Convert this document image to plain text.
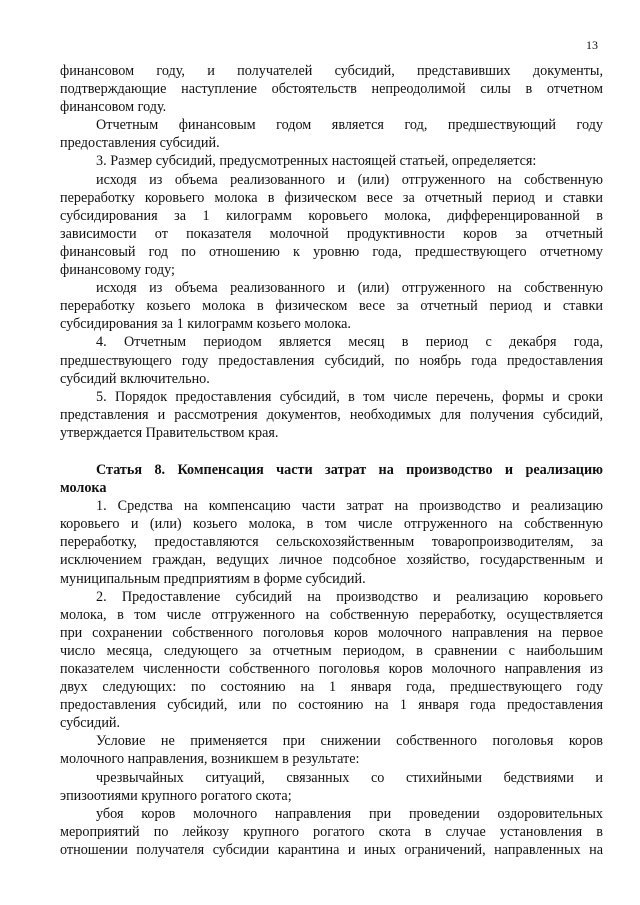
13
финансовом году, и получателей субсидий, представивших документы,
подтверждающие наступление обстоятельств непреодолимой силы в отчетном
финансовом году.
Отчетным финансовым годом является год, предшествующий году
предоставления субсидий.
3. Размер субсидий, предусмотренных настоящей статьей, определяется:
исходя из объема реализованного и (или) отгруженного на собственную
переработку коровьего молока в физическом весе за отчетный период и ставки
субсидирования за 1 килограмм коровьего молока, дифференцированной в
зависимости от показателя молочной продуктивности коров за отчетный
финансовый год по отношению к уровню года, предшествующего отчетному
финансовому году;
исходя из объема реализованного и (или) отгруженного на собственную
переработку козьего молока в физическом весе за отчетный период и ставки
субсидирования за 1 килограмм козьего молока.
4. Отчетным периодом является месяц в период с декабря года,
предшествующего году предоставления субсидий, по ноябрь года предоставления
субсидий включительно.
5. Порядок предоставления субсидий, в том числе перечень, формы и сроки
представления и рассмотрения документов, необходимых для получения субсидий,
утверждается Правительством края.
Статья 8. Компенсация части затрат на производство и реализацию
молока
1. Средства на компенсацию части затрат на производство и реализацию
коровьего и (или) козьего молока, в том числе отгруженного на собственную
переработку, предоставляются сельскохозяйственным товаропроизводителям, за
исключением граждан, ведущих личное подсобное хозяйство, государственным и
муниципальным предприятиям в форме субсидий.
2. Предоставление субсидий на производство и реализацию коровьего
молока, в том числе отгруженного на собственную переработку, осуществляется
при сохранении собственного поголовья коров молочного направления на первое
число месяца, следующего за отчетным периодом, в сравнении с наибольшим
показателем численности собственного поголовья коров молочного направления из
двух следующих: по состоянию на 1 января года, предшествующего году
предоставления субсидий, или по состоянию на 1 января года предоставления
субсидий.
Условие не применяется при снижении собственного поголовья коров
молочного направления, возникшем в результате:
чрезвычайных ситуаций, связанных со стихийными бедствиями и
эпизоотиями крупного рогатого скота;
убоя коров молочного направления при проведении оздоровительных
мероприятий по лейкозу крупного рогатого скота в случае установления в
отношении получателя субсидии карантина и иных ограничений, направленных на
